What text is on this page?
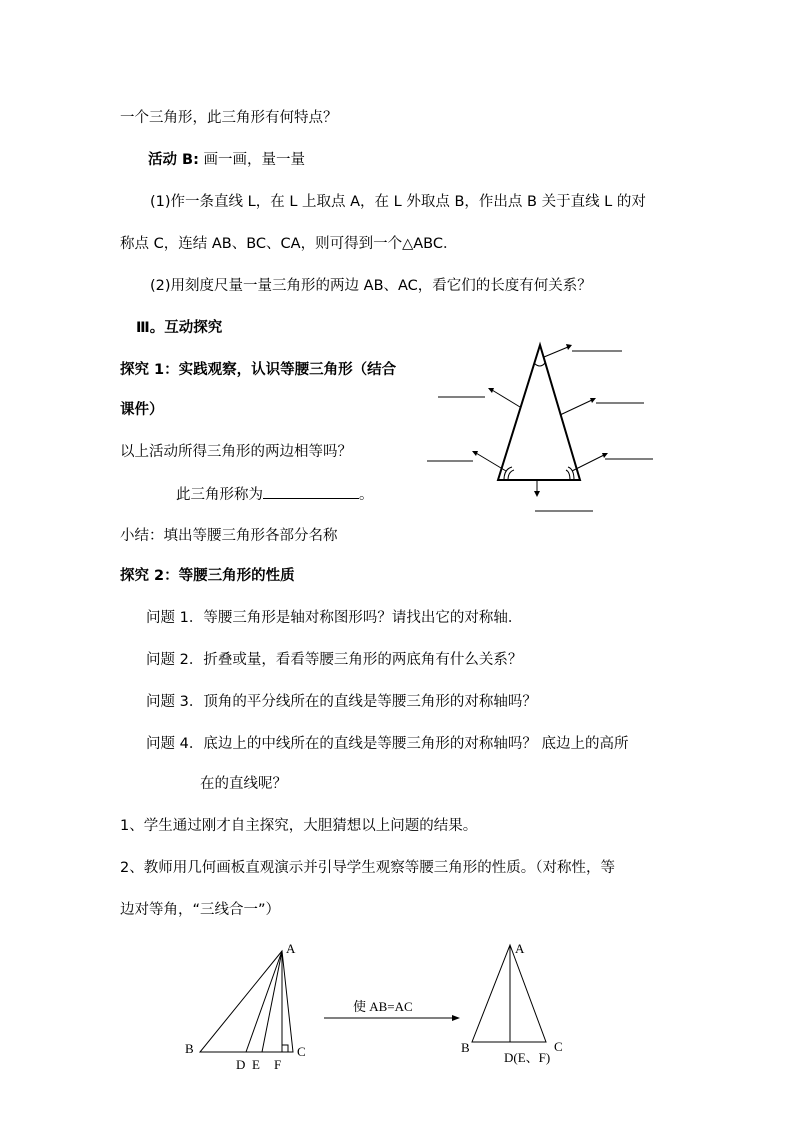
一个三角形，此三角形有何特点？
活动 B: 画一画，量一量
(1)作一条直线 L，在 L 上取点 A，在 L 外取点 B，作出点 B 关于直线 L 的对
称点 C，连结 AB、BC、CA，则可得到一个△ABC．
(2)用刻度尺量一量三角形的两边 AB、AC，看它们的长度有何关系？
Ⅲ。互动探究
探究 1：实践观察，认识等腰三角形（结合
课件）
以上活动所得三角形的两边相等吗？
此三角形称为	。
小结：填出等腰三角形各部分名称
探究 2：等腰三角形的性质
问题 1．等腰三角形是轴对称图形吗？请找出它的对称轴．
问题 2．折叠或量，看看等腰三角形的两底角有什么关系？
问题 3．顶角的平分线所在的直线是等腰三角形的对称轴吗？
问题 4．底边上的中线所在的直线是等腰三角形的对称轴吗？ 底边上的高所
在的直线呢？
1、学生通过刚才自主探究，大胆猜想以上问题的结果。
2、教师用几何画板直观演示并引导学生观察等腰三角形的性质。（对称性，等
边对等角，“三线合一”）
A
B	C
D E F
使 AB=AC
A
B	C
D(E、F)
